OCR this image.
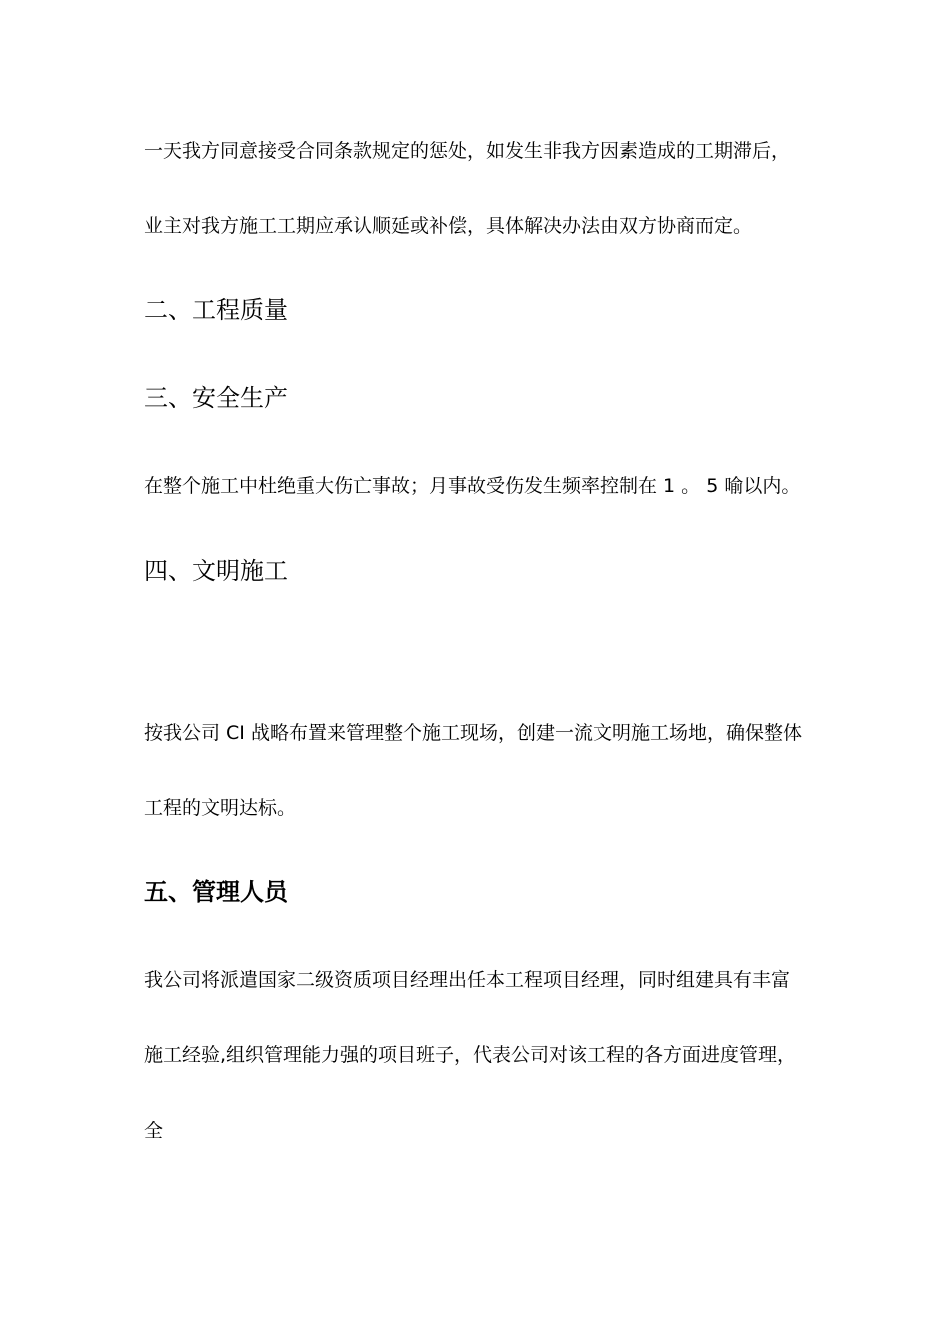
一天我方同意接受合同条款规定的惩处，如发生非我方因素造成的工期滞后，

业主对我方施工工期应承认顺延或补偿，具体解决办法由双方协商而定。

二、工程质量
三、安全生产

在整个施工中杜绝重大伤亡事故；月事故受伤发生频率控制在 1 。 5 喻以内。

四、文明施工

按我公司 CI 战略布置来管理整个施工现场，创建一流文明施工场地，确保整体

工程的文明达标。

五、管理人员

我公司将派遣国家二级资质项目经理出任本工程项目经理，同时组建具有丰富

施工经验,组织管理能力强的项目班子，代表公司对该工程的各方面进度管理，

全
